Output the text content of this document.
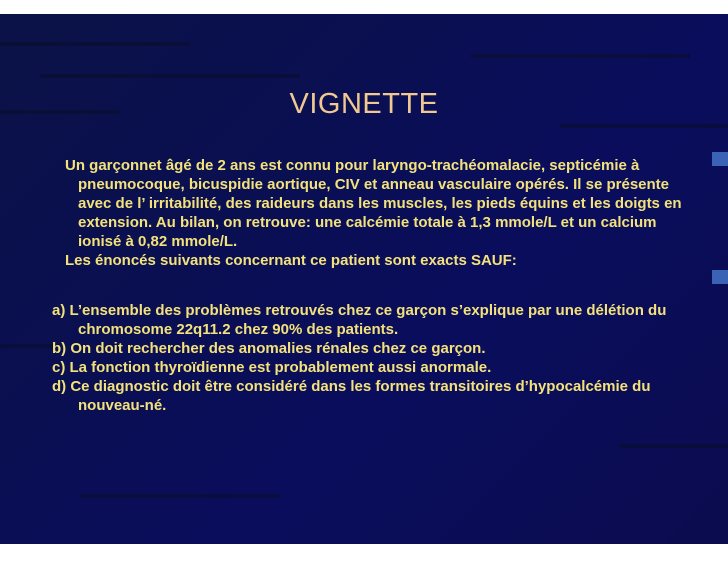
VIGNETTE

Un garçonnet âgé de 2 ans est connu pour laryngo-trachéomalacie, septicémie à pneumocoque, bicuspidie aortique, CIV et anneau vasculaire opérés. Il se présente avec de l’ irritabilité, des raideurs dans les muscles, les pieds équins et les doigts en extension. Au bilan, on retrouve: une calcémie totale à 1,3 mmole/L et un calcium ionisé à 0,82 mmole/L.

Les énoncés suivants concernant ce patient sont exacts SAUF:

a) L’ensemble des problèmes retrouvés chez ce garçon s’explique par une délétion du chromosome 22q11.2 chez 90% des patients.

b) On doit rechercher des anomalies rénales chez ce garçon.

c) La fonction thyroïdienne est probablement aussi anormale.

d) Ce diagnostic doit être considéré dans les formes transitoires d’hypocalcémie du nouveau-né.
